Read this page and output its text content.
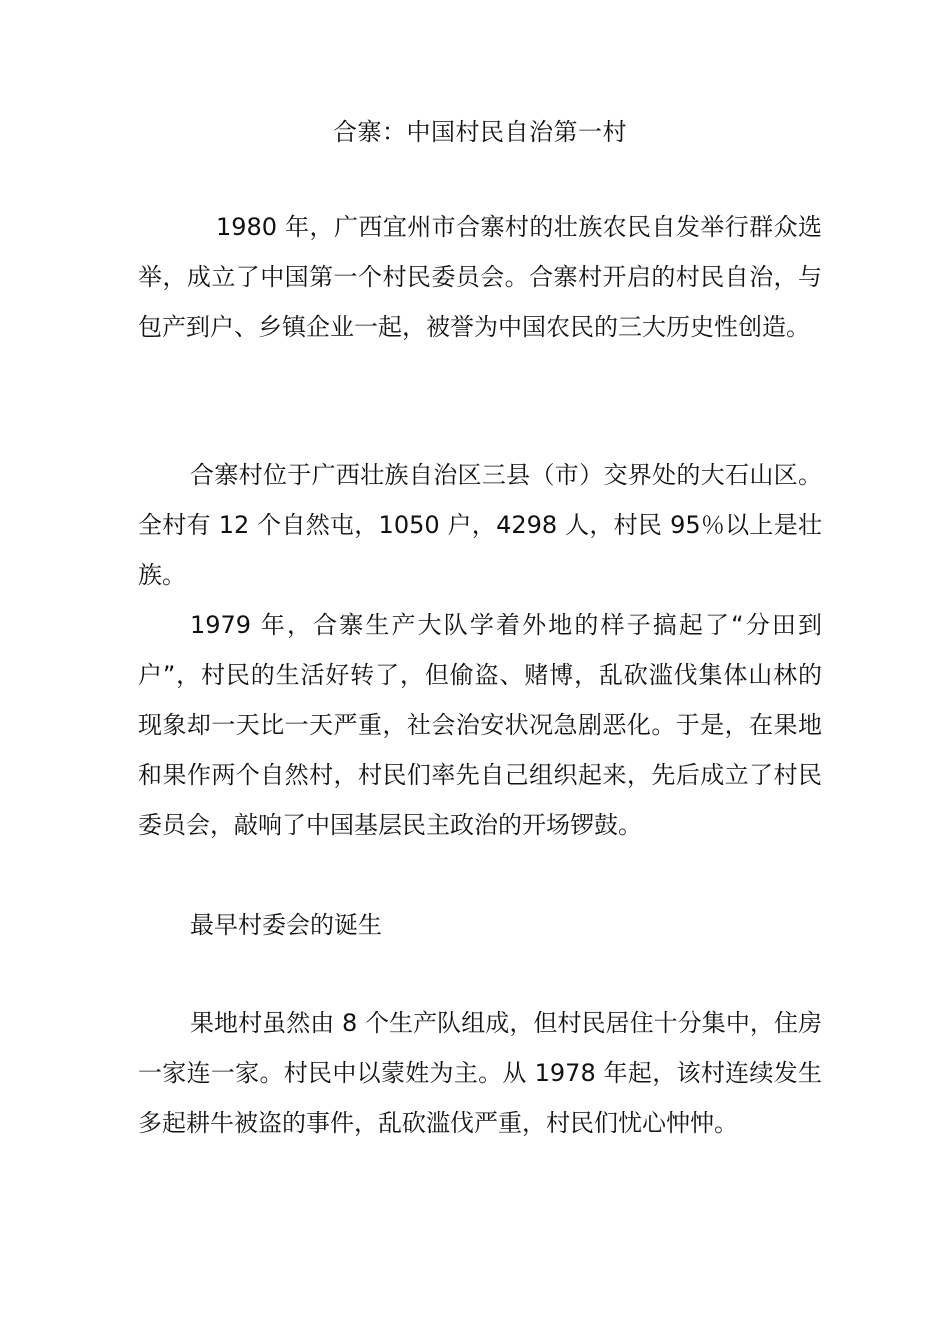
合寨：中国村民自治第一村

1980 年，广西宜州市合寨村的壮族农民自发举行群众选举，成立了中国第一个村民委员会。合寨村开启的村民自治，与包产到户、乡镇企业一起，被誉为中国农民的三大历史性创造。

合寨村位于广西壮族自治区三县（市）交界处的大石山区。全村有 12 个自然屯，1050 户，4298 人，村民 95％以上是壮族。

1979 年，合寨生产大队学着外地的样子搞起了“分田到户”，村民的生活好转了，但偷盗、赌博，乱砍滥伐集体山林的现象却一天比一天严重，社会治安状况急剧恶化。于是，在果地和果作两个自然村，村民们率先自己组织起来，先后成立了村民委员会，敲响了中国基层民主政治的开场锣鼓。

最早村委会的诞生

果地村虽然由 8 个生产队组成，但村民居住十分集中，住房一家连一家。村民中以蒙姓为主。从 1978 年起，该村连续发生多起耕牛被盗的事件，乱砍滥伐严重，村民们忧心忡忡。
